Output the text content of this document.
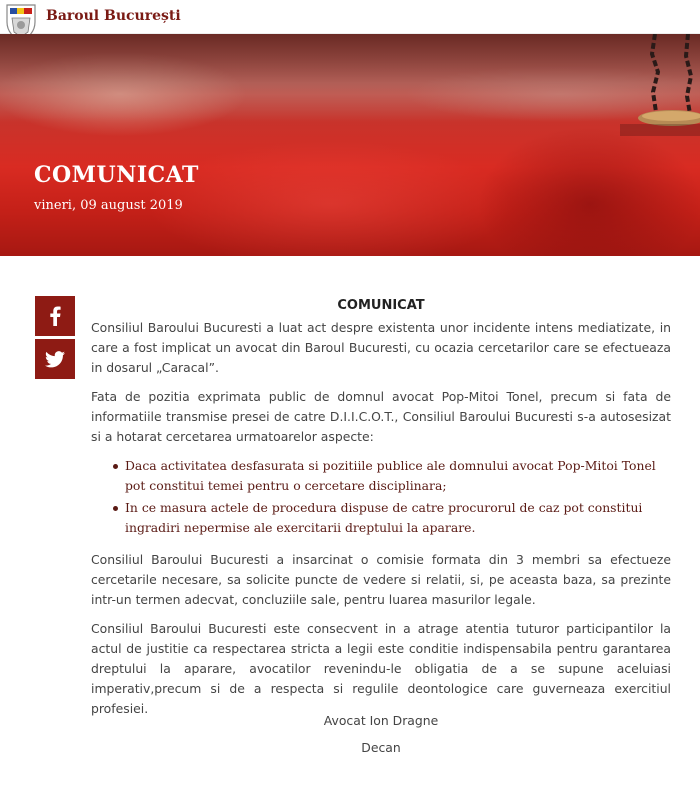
Baroul București
COMUNICAT
vineri, 09 august 2019
COMUNICAT

Consiliul Baroului Bucuresti a luat act despre existenta unor incidente intens mediatizate, in care a fost implicat un avocat din Baroul Bucuresti, cu ocazia cercetarilor care se efectueaza in dosarul „Caracal”.

Fata de pozitia exprimata public de domnul avocat Pop-Mitoi Tonel, precum si fata de informatiile transmise presei de catre D.I.I.C.O.T., Consiliul Baroului Bucuresti s-a autosesizat si a hotarat cercetarea urmatoarelor aspecte:

Daca activitatea desfasurata si pozitiile publice ale domnului avocat Pop-Mitoi Tonel pot constitui temei pentru o cercetare disciplinara;
In ce masura actele de procedura dispuse de catre procurorul de caz pot constitui ingradiri nepermise ale exercitarii dreptului la aparare.

Consiliul Baroului Bucuresti a insarcinat o comisie formata din 3 membri sa efectueze cercetarile necesare, sa solicite puncte de vedere si relatii, si, pe aceasta baza, sa prezinte intr-un termen adecvat, concluziile sale, pentru luarea masurilor legale.

Consiliul Baroului Bucuresti este consecvent in a atrage atentia tuturor participantilor la actul de justitie ca respectarea stricta a legii este conditie indispensabila pentru garantarea dreptului la aparare, avocatilor revenindu-le obligatia de a se supune aceluiasi imperativ,precum si de a respecta si regulile deontologice care guverneaza exercitiul profesiei.

Avocat Ion Dragne
Decan
